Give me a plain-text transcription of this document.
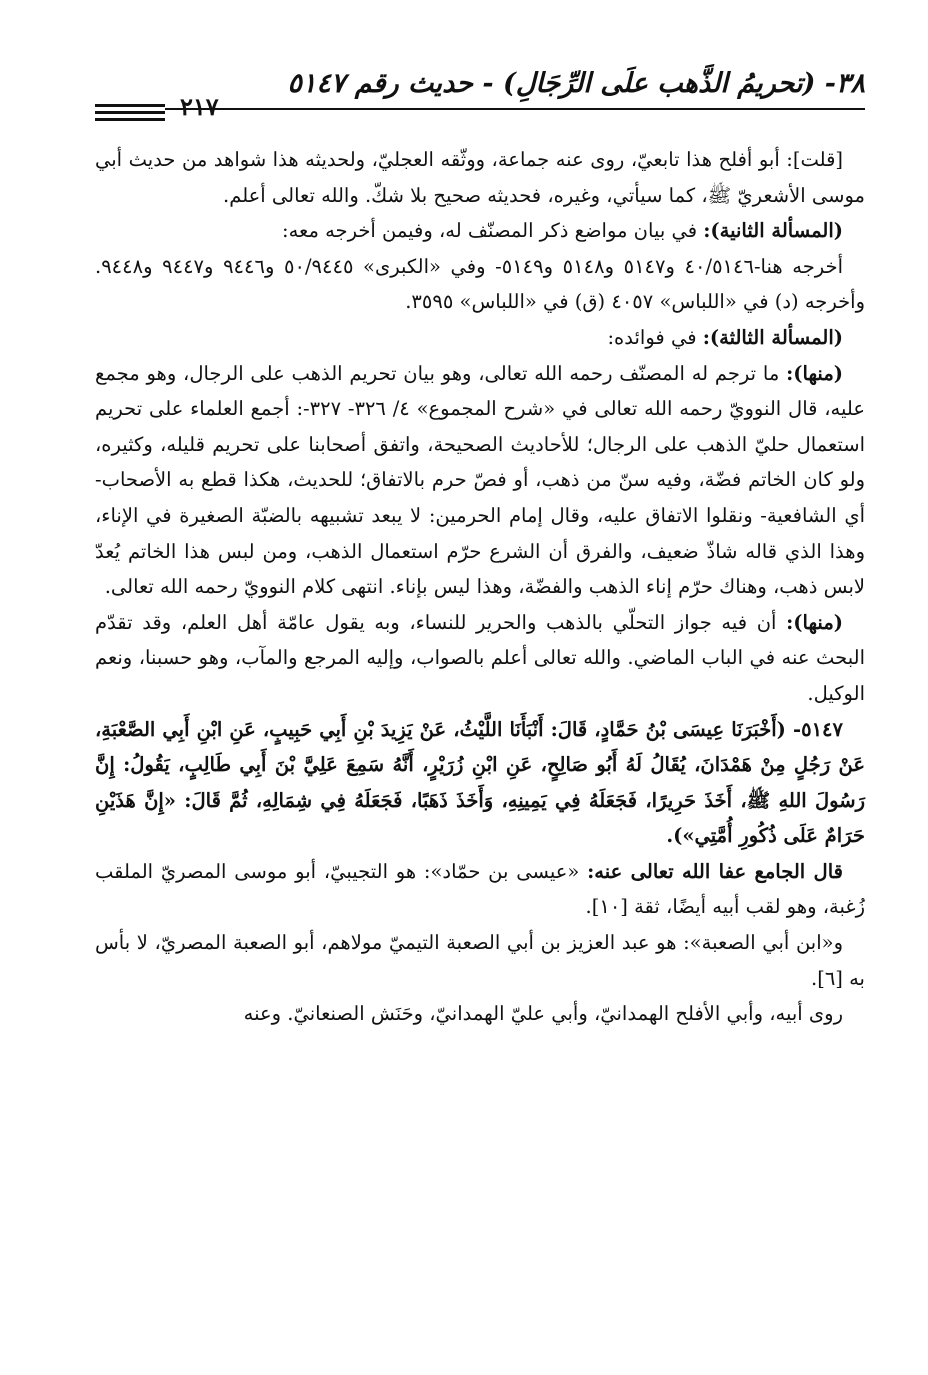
٣٨- (تحريمُ الذَّهب علَى الرِّجَالِ) - حديث رقم ٥١٤٧
٢١٧

[قلت]: أبو أفلح هذا تابعيّ، روى عنه جماعة، ووثّقه العجليّ، ولحديثه هذا شواهد من حديث أبي موسى الأشعريّ ﷺ، كما سيأتي، وغيره، فحديثه صحيح بلا شكّ. والله تعالى أعلم.

(المسألة الثانية): في بيان مواضع ذكر المصنّف له، وفيمن أخرجه معه:

أخرجه هنا-٤٠/٥١٤٦ و٥١٤٧ و٥١٤٨ و٥١٤٩- وفي «الكبرى» ٥٠/٩٤٤٥ و٩٤٤٦ و٩٤٤٧ و٩٤٤٨. وأخرجه (د) في «اللباس» ٤٠٥٧ (ق) في «اللباس» ٣٥٩٥.

(المسألة الثالثة): في فوائده:

(منها): ما ترجم له المصنّف رحمه الله تعالى، وهو بيان تحريم الذهب على الرجال، وهو مجمع عليه، قال النوويّ رحمه الله تعالى في «شرح المجموع» ٤/ ٣٢٦- ٣٢٧-: أجمع العلماء على تحريم استعمال حليّ الذهب على الرجال؛ للأحاديث الصحيحة، واتفق أصحابنا على تحريم قليله، وكثيره، ولو كان الخاتم فضّة، وفيه سنّ من ذهب، أو فصّ حرم بالاتفاق؛ للحديث، هكذا قطع به الأصحاب- أي الشافعية- ونقلوا الاتفاق عليه، وقال إمام الحرمين: لا يبعد تشبيهه بالضبّة الصغيرة في الإناء، وهذا الذي قاله شاذّ ضعيف، والفرق أن الشرع حرّم استعمال الذهب، ومن لبس هذا الخاتم يُعدّ لابس ذهب، وهناك حرّم إناء الذهب والفضّة، وهذا ليس بإناء. انتهى كلام النوويّ رحمه الله تعالى.

(منها): أن فيه جواز التحلّي بالذهب والحرير للنساء، وبه يقول عامّة أهل العلم، وقد تقدّم البحث عنه في الباب الماضي. والله تعالى أعلم بالصواب، وإليه المرجع والمآب، وهو حسبنا، ونعم الوكيل.

٥١٤٧- (أَخْبَرَنَا عِيسَى بْنُ حَمَّادٍ، قَالَ: أَنْبَأَنَا اللَّيْثُ، عَنْ يَزِيدَ بْنِ أَبِي حَبِيبٍ، عَنِ ابْنِ أَبِي الصَّعْبَةِ، عَنْ رَجُلٍ مِنْ هَمْدَانَ، يُقَالُ لَهُ أَبُو صَالِحٍ، عَنِ ابْنِ زُرَيْرٍ، أَنَّهُ سَمِعَ عَلِيَّ بْنَ أَبِي طَالِبٍ، يَقُولُ: إِنَّ رَسُولَ اللهِ ﷺ، أَخَذَ حَرِيرًا، فَجَعَلَهُ فِي يَمِينِهِ، وَأَخَذَ ذَهَبًا، فَجَعَلَهُ فِي شِمَالِهِ، ثُمَّ قَالَ: «إِنَّ هَذَيْنِ حَرَامٌ عَلَى ذُكُورِ أُمَّتِي»).

قال الجامع عفا الله تعالى عنه: «عيسى بن حمّاد»: هو التجيبيّ، أبو موسى المصريّ الملقب زُغبة، وهو لقب أبيه أيضًا، ثقة [١٠].

و«ابن أبي الصعبة»: هو عبد العزيز بن أبي الصعبة التيميّ مولاهم، أبو الصعبة المصريّ، لا بأس به [٦].

روى أبيه، وأبي الأفلح الهمدانيّ، وأبي عليّ الهمدانيّ، وحَنَش الصنعانيّ. وعنه
